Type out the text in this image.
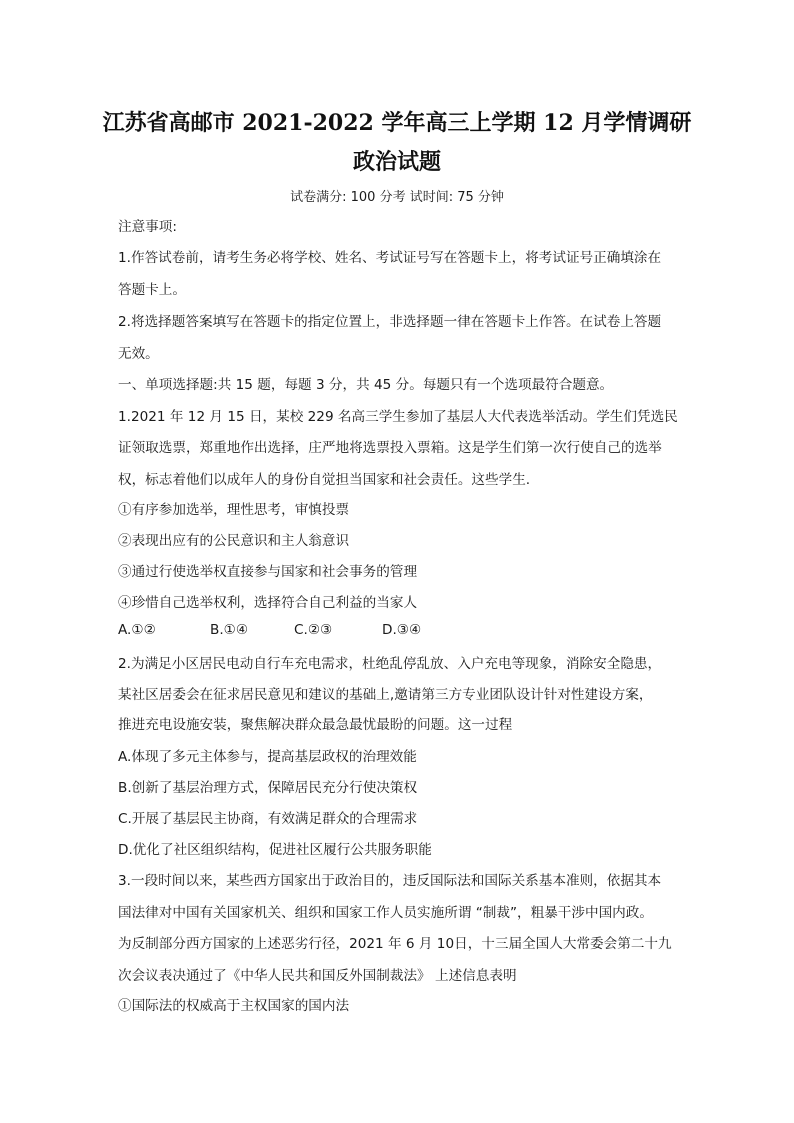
江苏省高邮市 2021-2022 学年高三上学期 12 月学情调研
政治试题
试卷满分: 100 分考 试时间: 75 分钟
注意事项:
1.作答试卷前，请考生务必将学校、姓名、考试证号写在答题卡上，将考试证号正确填涂在
答题卡上。
2.将选择题答案填写在答题卡的指定位置上，非选择题一律在答题卡上作答。在试卷上答题
无效。
一、单项选择题:共 15 题，每题 3 分，共 45 分。每题只有一个选项最符合题意。
1.2021 年 12 月 15 日，某校 229 名高三学生参加了基层人大代表选举活动。学生们凭选民
证领取选票，郑重地作出选择，庄严地将选票投入票箱。这是学生们第一次行使自己的选举
权，标志着他们以成年人的身份自觉担当国家和社会责任。这些学生.
①有序参加选举，理性思考，审慎投票
②表现出应有的公民意识和主人翁意识
③通过行使选举权直接参与国家和社会事务的管理
④珍惜自己选举权利，选择符合自己利益的当家人
A.①②	B.①④	C.②③	D.③④
2.为满足小区居民电动自行车充电需求，杜绝乱停乱放、入户充电等现象，消除安全隐患，
某社区居委会在征求居民意见和建议的基础上,邀请第三方专业团队设计针对性建设方案，
推进充电设施安装，聚焦解决群众最急最忧最盼的问题。这一过程
A.体现了多元主体参与，提高基层政权的治理效能
B.创新了基层治理方式，保障居民充分行使决策权
C.开展了基层民主协商，有效满足群众的合理需求
D.优化了社区组织结构，促进社区履行公共服务职能
3.一段时间以来，某些西方国家出于政治目的，违反国际法和国际关系基本准则，依据其本
国法律对中国有关国家机关、组织和国家工作人员实施所谓 “制裁”，粗暴干涉中国内政。
为反制部分西方国家的上述恶劣行径，2021 年 6 月 10日，十三届全国人大常委会第二十九
次会议表决通过了《中华人民共和国反外国制裁法》 上述信息表明
①国际法的权威高于主权国家的国内法
